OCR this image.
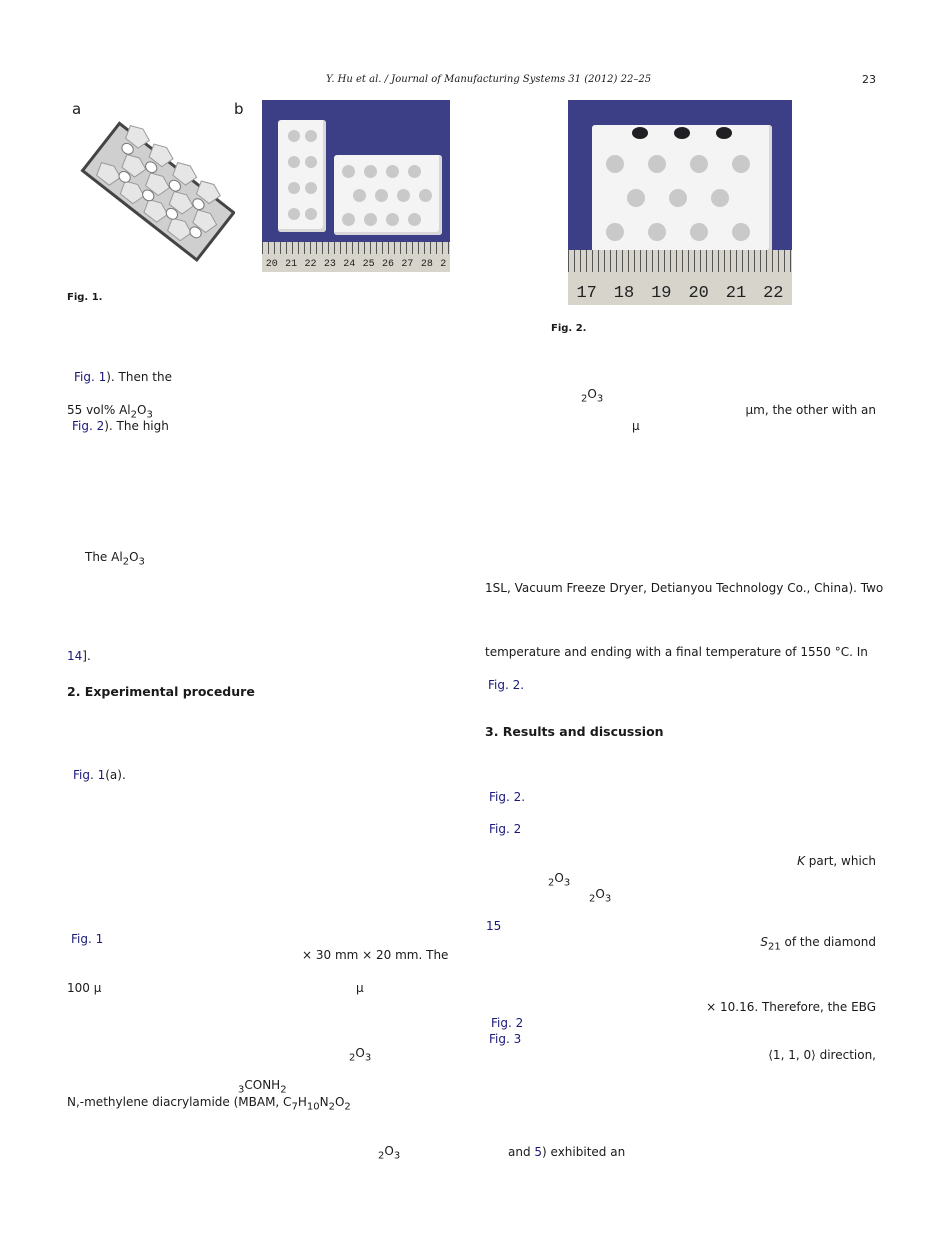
Y. Hu et al. / Journal of Manufacturing Systems 31 (2012) 22–25	23
a	b
20 21 22 23 24 25 26 27 28 2
Fig. 1.	17 18 19 20 21 22
Fig. 2.
Fig. 1). Then the
55 vol% $Al_2O_3$
Fig. 2). The high
The $Al_2O_3$
14].
2. Experimental procedure
Fig. 1(a).
Fig. 1
× 30 mm × 20 mm. The
100 μ	μ
$_2O_3$
$_3CONH_2$
N,-methylene diacrylamide (MBAM, $C_7H_{10}N_2O_2$
$_2O_3$
$_2O_3$
μm, the other with an
μ
1SL, Vacuum Freeze Dryer, Detianyou Technology Co., China). Two
temperature and ending with a final temperature of 1550 °C. In
Fig. 2.
3. Results and discussion
Fig. 2.
Fig. 2
K part, which
$_2O_3$
$_2O_3$
15
$S_{21}$ of the diamond
× 10.16. Therefore, the EBG
Fig. 2
Fig. 3
⟨1, 1, 0⟩ direction,
and 5) exhibited an
